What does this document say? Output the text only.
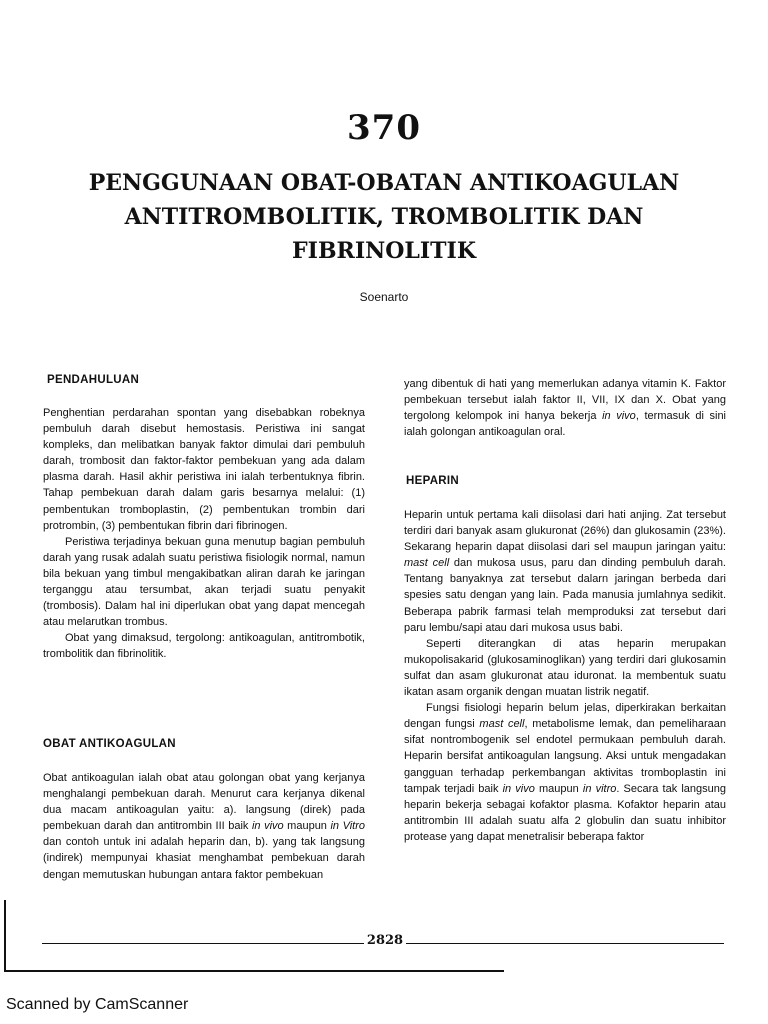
370
PENGGUNAAN OBAT-OBATAN ANTIKOAGULAN
ANTITROMBOLITIK, TROMBOLITIK DAN
FIBRINOLITIK
Soenarto
PENDAHULUAN

Penghentian perdarahan spontan yang disebabkan robeknya pembuluh darah disebut hemostasis. Peristiwa ini sangat kompleks, dan melibatkan banyak faktor dimulai dari pembuluh darah, trombosit dan faktor-faktor pembekuan yang ada dalam plasma darah. Hasil akhir peristiwa ini ialah terbentuknya fibrin. Tahap pembekuan darah dalam garis besarnya melalui: (1) pembentukan tromboplastin, (2) pembentukan trombin dari protrombin, (3) pembentukan fibrin dari fibrinogen.

Peristiwa terjadinya bekuan guna menutup bagian pembuluh darah yang rusak adalah suatu peristiwa fisiologik normal, namun bila bekuan yang timbul mengakibatkan aliran darah ke jaringan terganggu atau tersumbat, akan terjadi suatu penyakit (trombosis). Dalam hal ini diperlukan obat yang dapat mencegah atau melarutkan trombus.

Obat yang dimaksud, tergolong: antikoagulan, antitrombotik, trombolitik dan fibrinolitik.

OBAT ANTIKOAGULAN

Obat antikoagulan ialah obat atau golongan obat yang kerjanya menghalangi pembekuan darah. Menurut cara kerjanya dikenal dua macam antikoagulan yaitu: a). langsung (direk) pada pembekuan darah dan antitrombin III baik in vivo maupun in Vitro dan contoh untuk ini adalah heparin dan, b). yang tak langsung (indirek) mempunyai khasiat menghambat pembekuan darah dengan memutuskan hubungan antara faktor pembekuan

yang dibentuk di hati yang memerlukan adanya vitamin K. Faktor pembekuan tersebut ialah faktor II, VII, IX dan X. Obat yang tergolong kelompok ini hanya bekerja in vivo, termasuk di sini ialah golongan antikoagulan oral.

HEPARIN

Heparin untuk pertama kali diisolasi dari hati anjing. Zat tersebut terdiri dari banyak asam glukuronat (26%) dan glukosamin (23%). Sekarang heparin dapat diisolasi dari sel maupun jaringan yaitu: mast cell dan mukosa usus, paru dan dinding pembuluh darah. Tentang banyaknya zat tersebut dalarn jaringan berbeda dari spesies satu dengan yang lain. Pada manusia jumlahnya sedikit. Beberapa pabrik farmasi telah memproduksi zat tersebut dari paru lembu/sapi atau dari mukosa usus babi.

Seperti diterangkan di atas heparin merupakan mukopolisakarid (glukosaminoglikan) yang terdiri dari glukosamin sulfat dan asam glukuronat atau iduronat. Ia membentuk suatu ikatan asam organik dengan muatan listrik negatif.

Fungsi fisiologi heparin belum jelas, diperkirakan berkaitan dengan fungsi mast cell, metabolisme lemak, dan pemeliharaan sifat nontrombogenik sel endotel permukaan pembuluh darah. Heparin bersifat antikoagulan langsung. Aksi untuk mengadakan gangguan terhadap perkembangan aktivitas tromboplastin ini tampak terjadi baik in vivo maupun in vitro. Secara tak langsung heparin bekerja sebagai kofaktor plasma. Kofaktor heparin atau antitrombin III adalah suatu alfa 2 globulin dan suatu inhibitor protease yang dapat menetralisir beberapa faktor

2828
Scanned by CamScanner
